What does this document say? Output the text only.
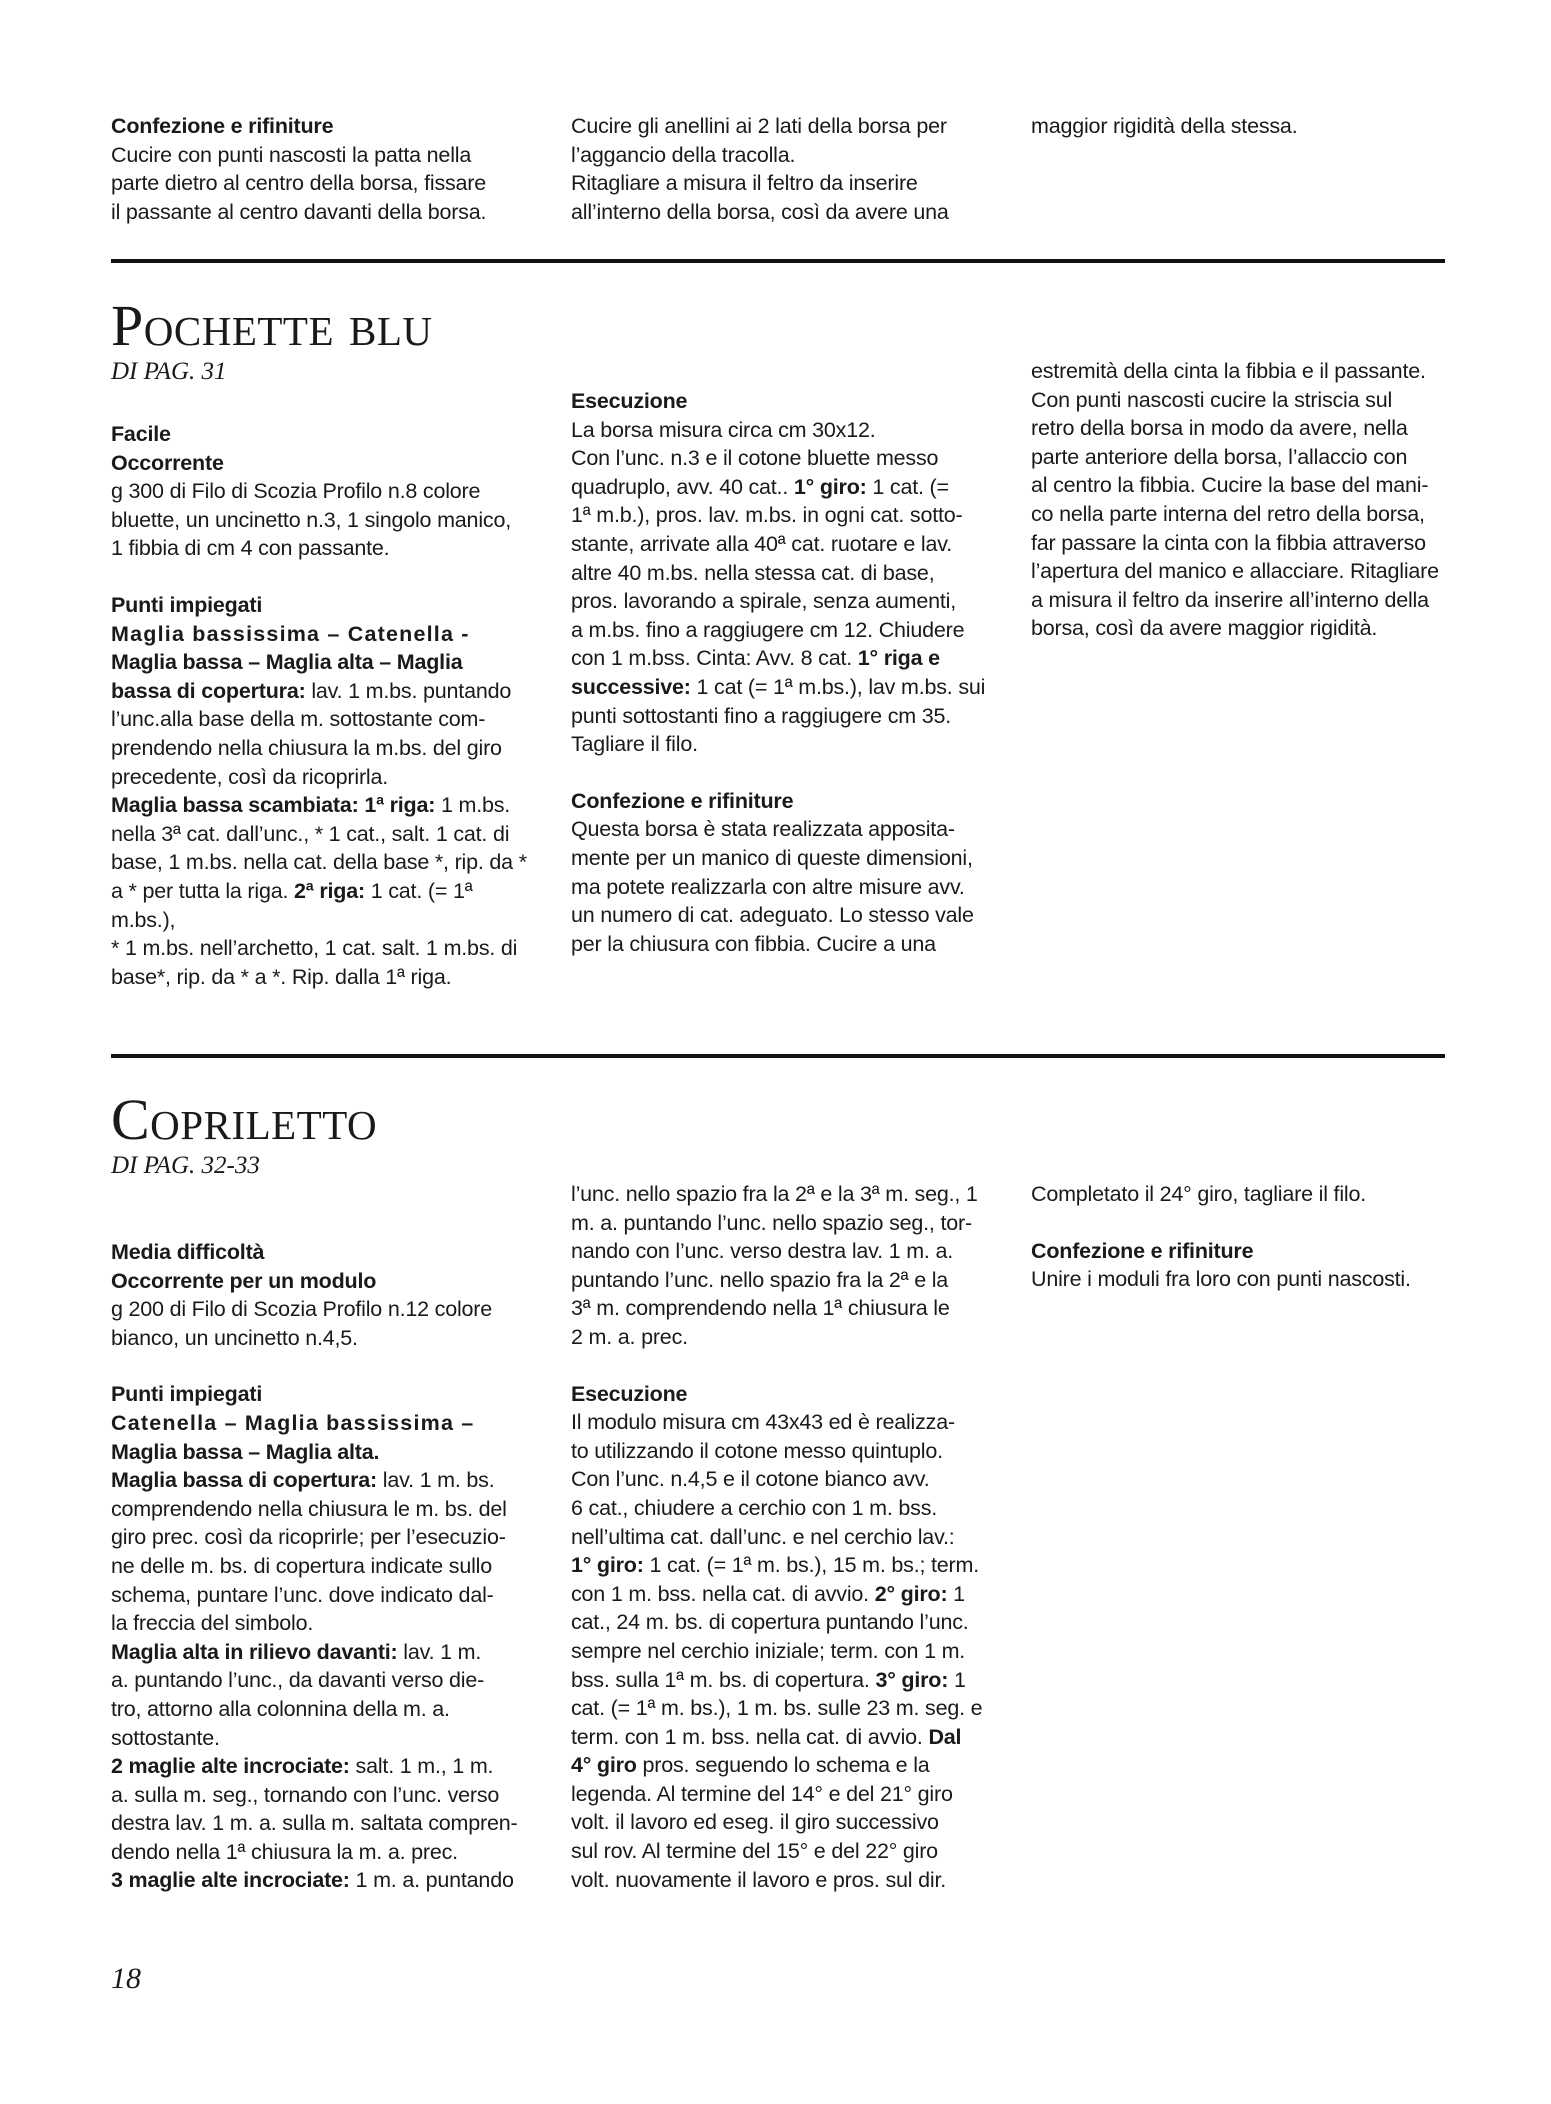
Confezione e rifiniture

Cucire con punti nascosti la patta nella

parte dietro al centro della borsa, fissare

il passante al centro davanti della borsa.

Cucire gli anellini ai 2 lati della borsa per

l’aggancio della tracolla.

Ritagliare a misura il feltro da inserire

all’interno della borsa, così da avere una

maggior rigidità della stessa.

Pochette blu
DI PAG. 31

Facile

Occorrente

g 300 di Filo di Scozia Profilo n.8 colore

bluette, un uncinetto n.3, 1 singolo manico,

1 fibbia di cm 4 con passante.

Punti impiegati

Maglia bassissima – Catenella -

Maglia bassa – Maglia alta – Maglia

bassa di copertura: lav. 1 m.bs. puntando

l’unc.alla base della m. sottostante com-

prendendo nella chiusura la m.bs. del giro

precedente, così da ricoprirla.

Maglia bassa scambiata: 1ª riga: 1 m.bs.

nella 3ª cat. dall’unc., * 1 cat., salt. 1 cat. di

base, 1 m.bs. nella cat. della base *, rip. da *

a * per tutta la riga. 2ª riga: 1 cat. (= 1ª m.bs.),

* 1 m.bs. nell’archetto, 1 cat. salt. 1 m.bs. di

base*, rip. da * a *. Rip. dalla 1ª riga.

Esecuzione

La borsa misura circa cm 30x12.

Con l’unc. n.3 e il cotone bluette messo

quadruplo, avv. 40 cat.. 1° giro: 1 cat. (=

1ª m.b.), pros. lav. m.bs. in ogni cat. sotto-

stante, arrivate alla 40ª cat. ruotare e lav.

altre 40 m.bs. nella stessa cat. di base,

pros. lavorando a spirale, senza aumenti,

a m.bs. fino a raggiugere cm 12. Chiudere

con 1 m.bss. Cinta: Avv. 8 cat. 1° riga e

successive: 1 cat (= 1ª m.bs.), lav m.bs. sui

punti sottostanti fino a raggiugere cm 35.

Tagliare il filo.

Confezione e rifiniture

Questa borsa è stata realizzata apposita-

mente per un manico di queste dimensioni,

ma potete realizzarla con altre misure avv.

un numero di cat. adeguato. Lo stesso vale

per la chiusura con fibbia. Cucire a una

estremità della cinta la fibbia e il passante.

Con punti nascosti cucire la striscia sul

retro della borsa in modo da avere, nella

parte anteriore della borsa, l’allaccio con

al centro la fibbia. Cucire la base del mani-

co nella parte interna del retro della borsa,

far passare la cinta con la fibbia attraverso

l’apertura del manico e allacciare. Ritagliare

a misura il feltro da inserire all’interno della

borsa, così da avere maggior rigidità.

Copriletto
DI PAG. 32-33

Media difficoltà

Occorrente per un modulo

g 200 di Filo di Scozia Profilo n.12 colore

bianco, un uncinetto n.4,5.

Punti impiegati

Catenella – Maglia bassissima –

Maglia bassa – Maglia alta.

Maglia bassa di copertura: lav. 1 m. bs.

comprendendo nella chiusura le m. bs. del

giro prec. così da ricoprirle; per l’esecuzio-

ne delle m. bs. di copertura indicate sullo

schema, puntare l’unc. dove indicato dal-

la freccia del simbolo.

Maglia alta in rilievo davanti: lav. 1 m.

a. puntando l’unc., da davanti verso die-

tro, attorno alla colonnina della m. a.

sottostante.

2 maglie alte incrociate: salt. 1 m., 1 m.

a. sulla m. seg., tornando con l’unc. verso

destra lav. 1 m. a. sulla m. saltata compren-

dendo nella 1ª chiusura la m. a. prec.

3 maglie alte incrociate: 1 m. a. puntando

l’unc. nello spazio fra la 2ª e la 3ª m. seg., 1

m. a. puntando l’unc. nello spazio seg., tor-

nando con l’unc. verso destra lav. 1 m. a.

puntando l’unc. nello spazio fra la 2ª e la

3ª m. comprendendo nella 1ª chiusura le

2 m. a. prec.

Esecuzione

Il modulo misura cm 43x43 ed è realizza-

to utilizzando il cotone messo quintuplo.

Con l’unc. n.4,5 e il cotone bianco avv.

6 cat., chiudere a cerchio con 1 m. bss.

nell’ultima cat. dall’unc. e nel cerchio lav.:

1° giro: 1 cat. (= 1ª m. bs.), 15 m. bs.; term.

con 1 m. bss. nella cat. di avvio. 2° giro: 1

cat., 24 m. bs. di copertura puntando l’unc.

sempre nel cerchio iniziale; term. con 1 m.

bss. sulla 1ª m. bs. di copertura. 3° giro: 1

cat. (= 1ª m. bs.), 1 m. bs. sulle 23 m. seg. e

term. con 1 m. bss. nella cat. di avvio. Dal

4° giro pros. seguendo lo schema e la

legenda. Al termine del 14° e del 21° giro

volt. il lavoro ed eseg. il giro successivo

sul rov. Al termine del 15° e del 22° giro

volt. nuovamente il lavoro e pros. sul dir.

Completato il 24° giro, tagliare il filo.

Confezione e rifiniture

Unire i moduli fra loro con punti nascosti.

18
